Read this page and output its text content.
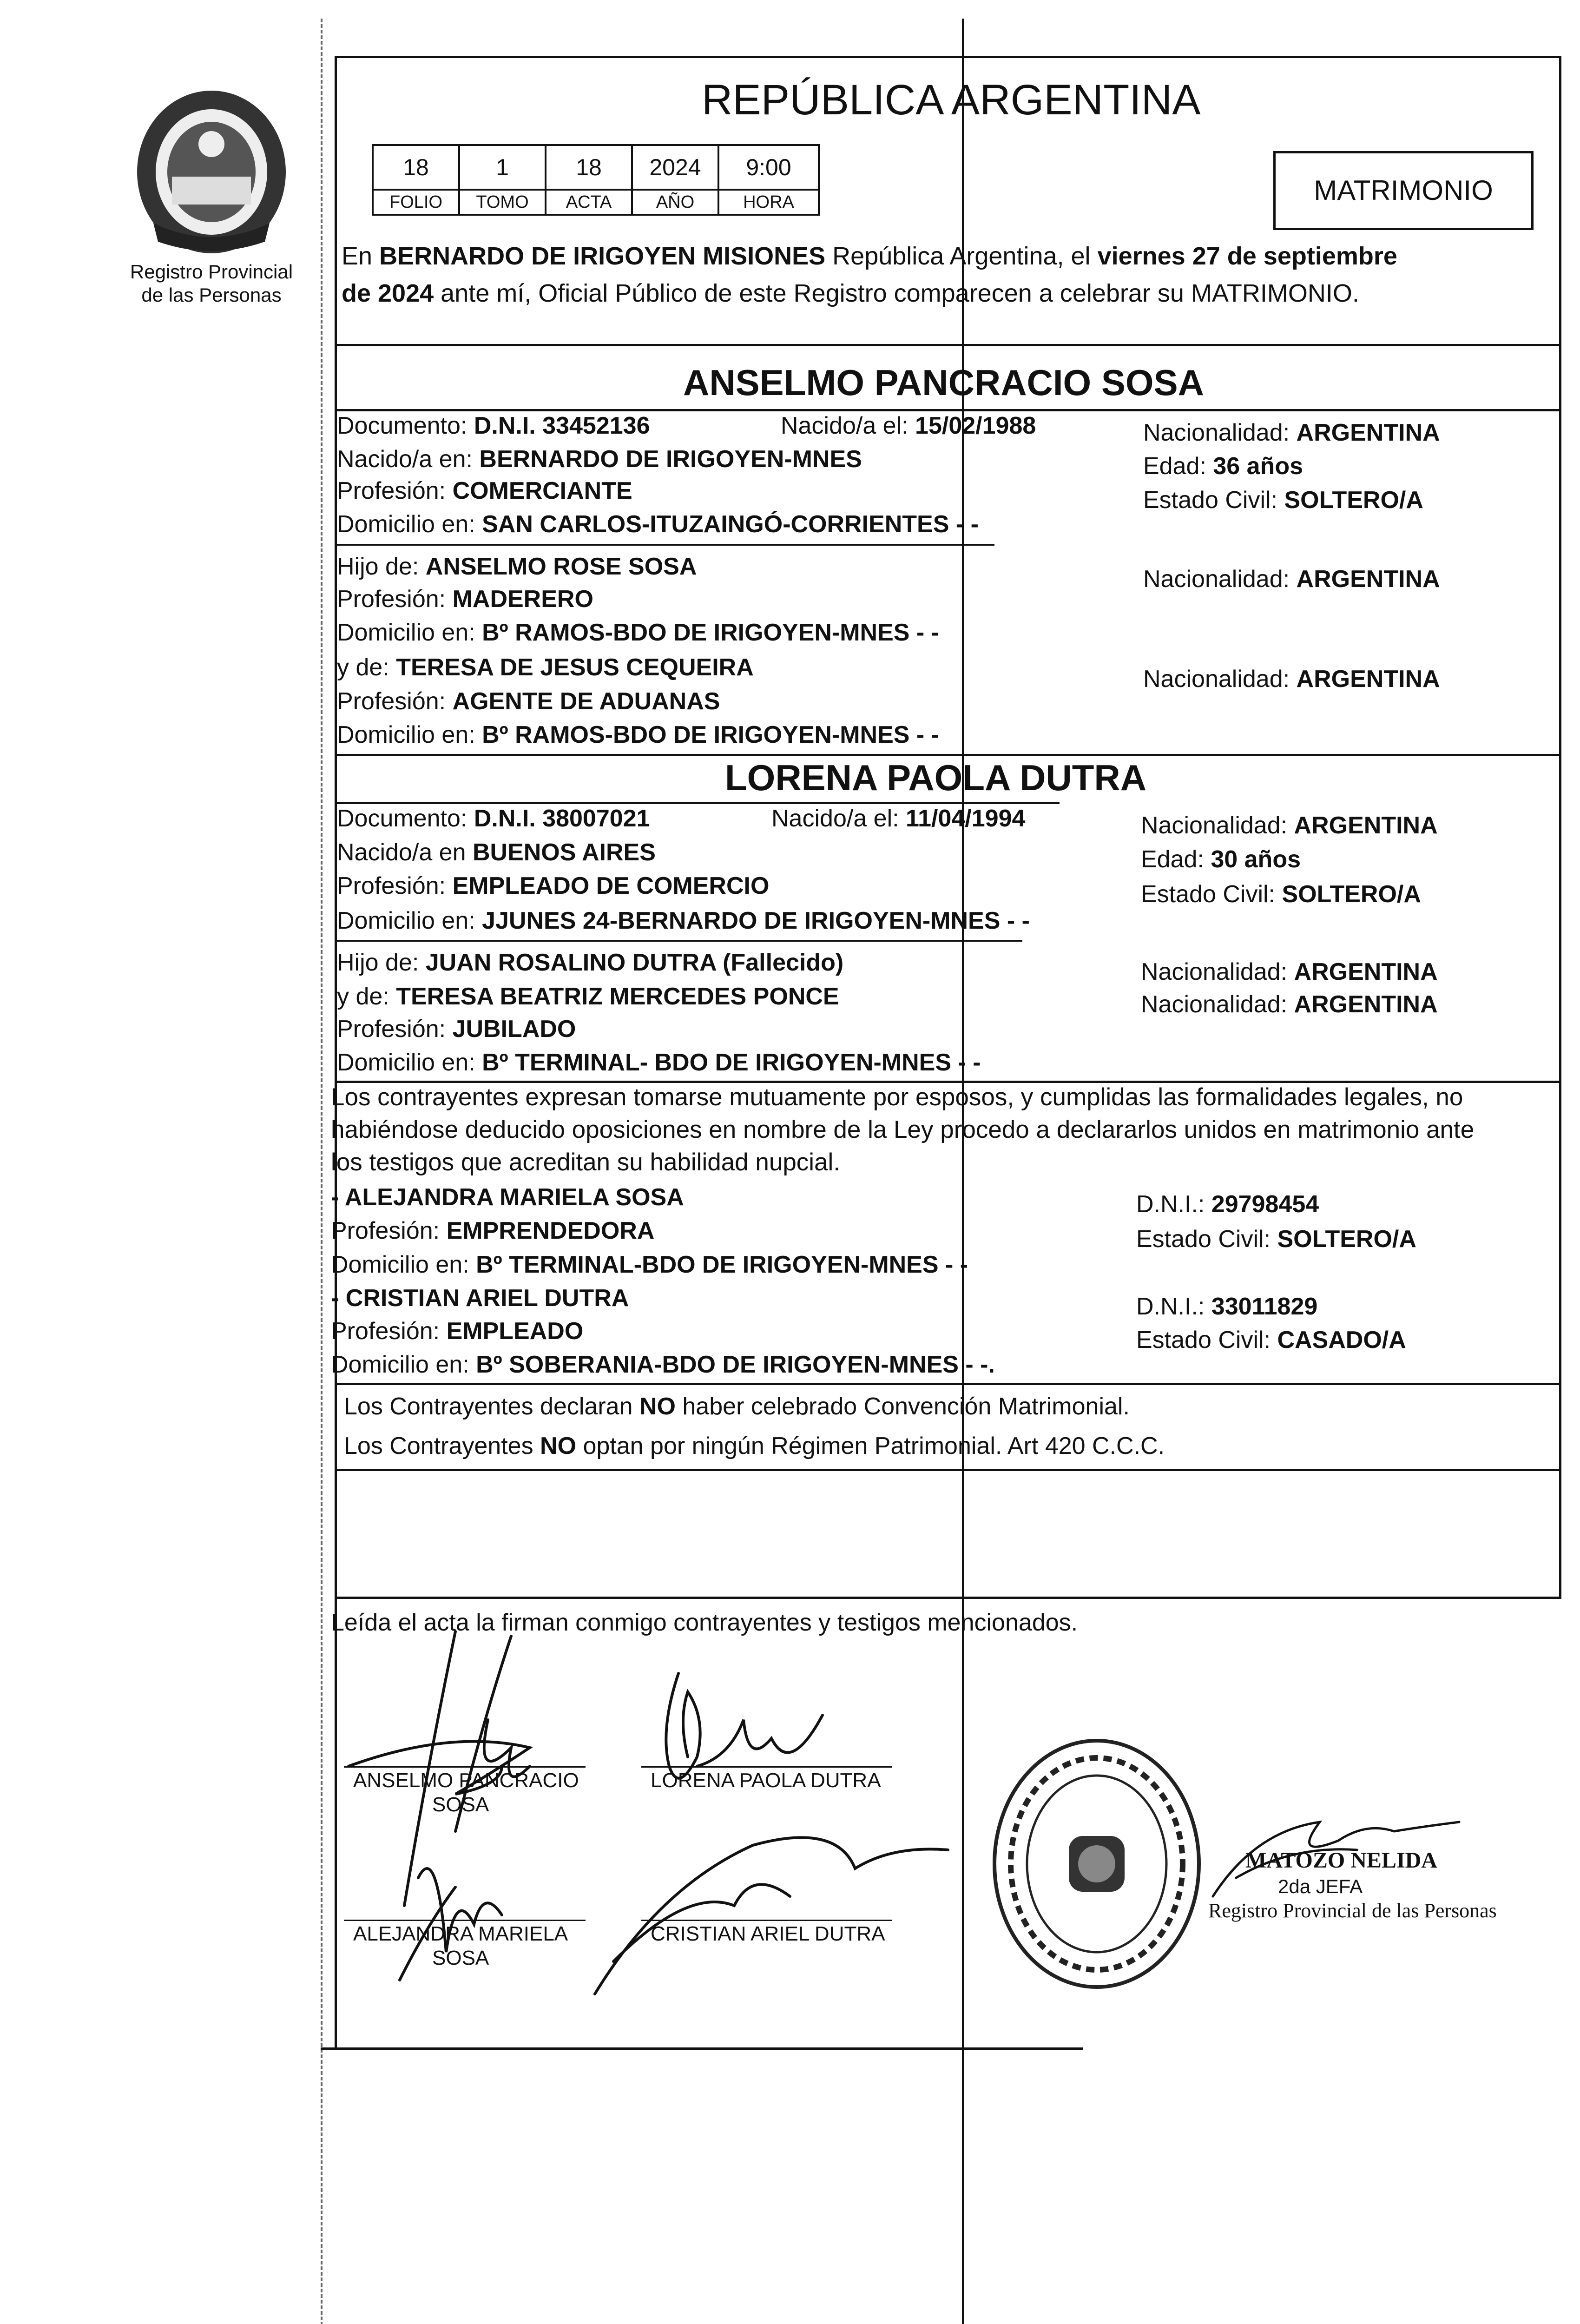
Registro Provincial
de las Personas
REPÚBLICA ARGENTINA
18	1	18	2024	9:00
FOLIO	TOMO	ACTA	AÑO	HORA	MATRIMONIO
En BERNARDO DE IRIGOYEN MISIONES República Argentina, el viernes 27 de septiembre
de 2024 ante mí, Oficial Público de este Registro comparecen a celebrar su MATRIMONIO.
ANSELMO PANCRACIO SOSA
Documento: D.N.I. 33452136	Nacido/a el: 15/02/1988	Nacionalidad: ARGENTINA
Nacido/a en: BERNARDO DE IRIGOYEN-MNES	Edad: 36 años
Profesión: COMERCIANTE	Estado Civil: SOLTERO/A
Domicilio en: SAN CARLOS-ITUZAINGÓ-CORRIENTES - -
Hijo de: ANSELMO ROSE SOSA	Nacionalidad: ARGENTINA
Profesión: MADERERO
Domicilio en: Bº RAMOS-BDO DE IRIGOYEN-MNES - -
y de: TERESA DE JESUS CEQUEIRA	Nacionalidad: ARGENTINA
Profesión: AGENTE DE ADUANAS
Domicilio en: Bº RAMOS-BDO DE IRIGOYEN-MNES - -
LORENA PAOLA DUTRA
Documento: D.N.I. 38007021	Nacido/a el: 11/04/1994	Nacionalidad: ARGENTINA
Nacido/a en BUENOS AIRES	Edad: 30 años
Profesión: EMPLEADO DE COMERCIO	Estado Civil: SOLTERO/A
Domicilio en: JJUNES 24-BERNARDO DE IRIGOYEN-MNES - -
Hijo de: JUAN ROSALINO DUTRA (Fallecido)	Nacionalidad: ARGENTINA
y de: TERESA BEATRIZ MERCEDES PONCE	Nacionalidad: ARGENTINA
Profesión: JUBILADO
Domicilio en: Bº TERMINAL- BDO DE IRIGOYEN-MNES - -
Los contrayentes expresan tomarse mutuamente por esposos, y cumplidas las formalidades legales, no
habiéndose deducido oposiciones en nombre de la Ley procedo a declararlos unidos en matrimonio ante
los testigos que acreditan su habilidad nupcial.
- ALEJANDRA MARIELA SOSA	D.N.I.: 29798454
Profesión: EMPRENDEDORA	Estado Civil: SOLTERO/A
Domicilio en: Bº TERMINAL-BDO DE IRIGOYEN-MNES - -
- CRISTIAN ARIEL DUTRA	D.N.I.: 33011829
Profesión: EMPLEADO	Estado Civil: CASADO/A
Domicilio en: Bº SOBERANIA-BDO DE IRIGOYEN-MNES - -.
Los Contrayentes declaran NO haber celebrado Convención Matrimonial.
Los Contrayentes NO optan por ningún Régimen Patrimonial. Art 420 C.C.C.
Leída el acta la firman conmigo contrayentes y testigos mencionados.
ANSELMO PANCRACIO
SOSA
LORENA PAOLA DUTRA
ALEJANDRA MARIELA
SOSA
CRISTIAN ARIEL DUTRA
MATOZO NELIDA
2da JEFA
Registro Provincial de las Personas
